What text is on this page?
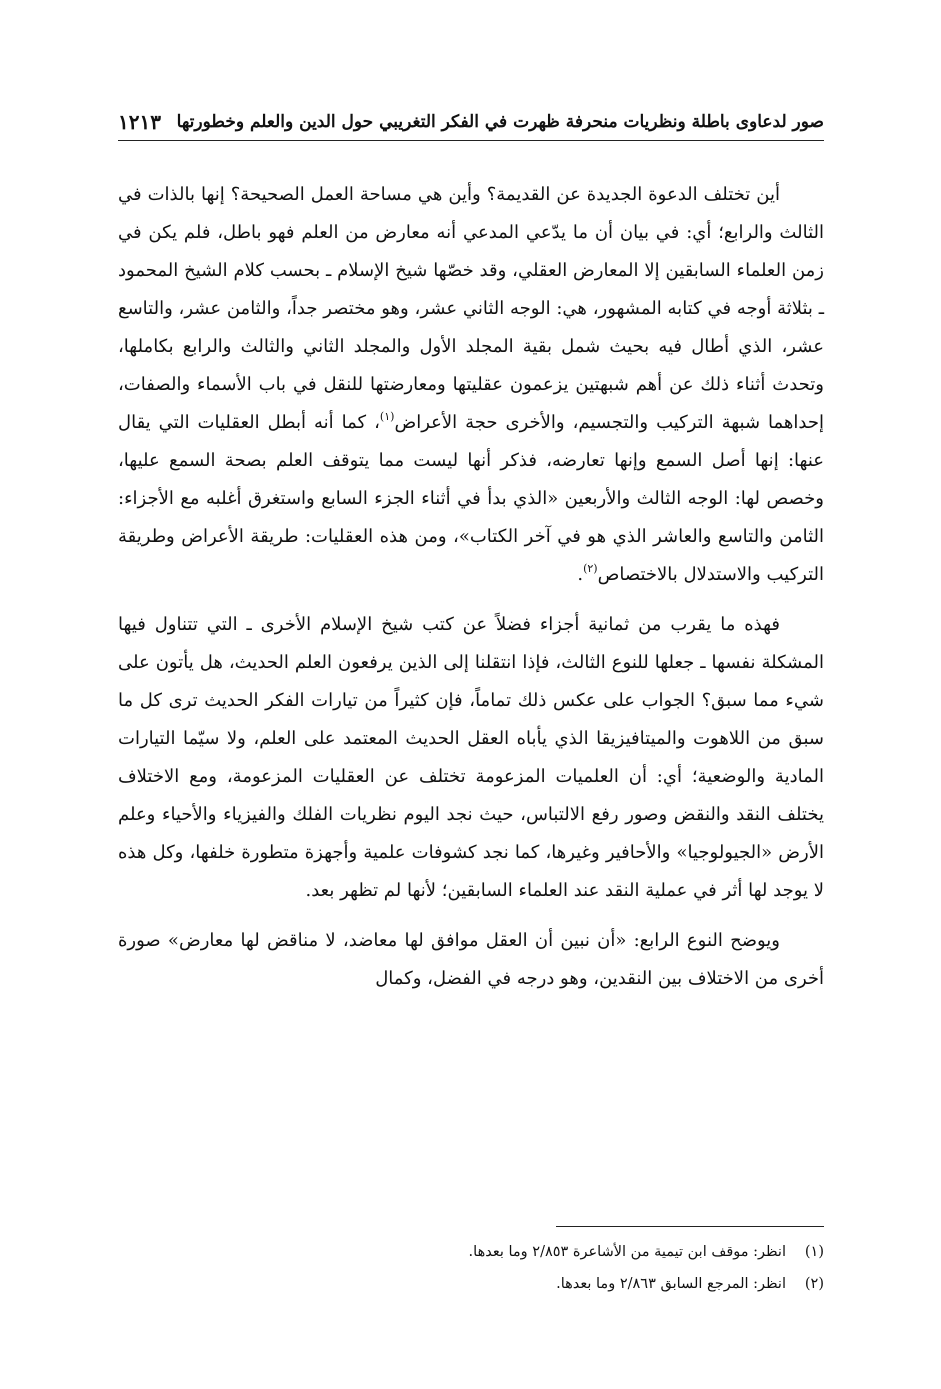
صور لدعاوى باطلة ونظريات منحرفة ظهرت في الفكر التغريبي حول الدين والعلم وخطورتها
١٢١٣

أين تختلف الدعوة الجديدة عن القديمة؟ وأين هي مساحة العمل الصحيحة؟ إنها بالذات في الثالث والرابع؛ أي: في بيان أن ما يدّعي المدعي أنه معارض من العلم فهو باطل، فلم يكن في زمن العلماء السابقين إلا المعارض العقلي، وقد خصّها شيخ الإسلام ـ بحسب كلام الشيخ المحمود ـ بثلاثة أوجه في كتابه المشهور، هي: الوجه الثاني عشر، وهو مختصر جداً، والثامن عشر، والتاسع عشر، الذي أطال فيه بحيث شمل بقية المجلد الأول والمجلد الثاني والثالث والرابع بكاملها، وتحدث أثناء ذلك عن أهم شبهتين يزعمون عقليتها ومعارضتها للنقل في باب الأسماء والصفات، إحداهما شبهة التركيب والتجسيم، والأخرى حجة الأعراض$^{(١)}$، كما أنه أبطل العقليات التي يقال عنها: إنها أصل السمع وإنها تعارضه، فذكر أنها ليست مما يتوقف العلم بصحة السمع عليها، وخصص لها: الوجه الثالث والأربعين «الذي بدأ في أثناء الجزء السابع واستغرق أغلبه مع الأجزاء: الثامن والتاسع والعاشر الذي هو في آخر الكتاب»، ومن هذه العقليات: طريقة الأعراض وطريقة التركيب والاستدلال بالاختصاص$^{(٢)}$.

فهذه ما يقرب من ثمانية أجزاء فضلاً عن كتب شيخ الإسلام الأخرى ـ التي تتناول فيها المشكلة نفسها ـ جعلها للنوع الثالث، فإذا انتقلنا إلى الذين يرفعون العلم الحديث، هل يأتون على شيء مما سبق؟ الجواب على عكس ذلك تماماً، فإن كثيراً من تيارات الفكر الحديث ترى كل ما سبق من اللاهوت والميتافيزيقا الذي يأباه العقل الحديث المعتمد على العلم، ولا سيّما التيارات المادية والوضعية؛ أي: أن العلميات المزعومة تختلف عن العقليات المزعومة، ومع الاختلاف يختلف النقد والنقض وصور رفع الالتباس، حيث نجد اليوم نظريات الفلك والفيزياء والأحياء وعلم الأرض «الجيولوجيا» والأحافير وغيرها، كما نجد كشوفات علمية وأجهزة متطورة خلفها، وكل هذه لا يوجد لها أثر في عملية النقد عند العلماء السابقين؛ لأنها لم تظهر بعد.

ويوضح النوع الرابع: «أن نبين أن العقل موافق لها معاضد، لا مناقض لها معارض» صورة أخرى من الاختلاف بين النقدين، وهو درجه في الفضل، وكمال

(١)
انظر: موقف ابن تيمية من الأشاعرة ٢/٨٥٣ وما بعدها.
(٢)
انظر: المرجع السابق ٢/٨٦٣ وما بعدها.
